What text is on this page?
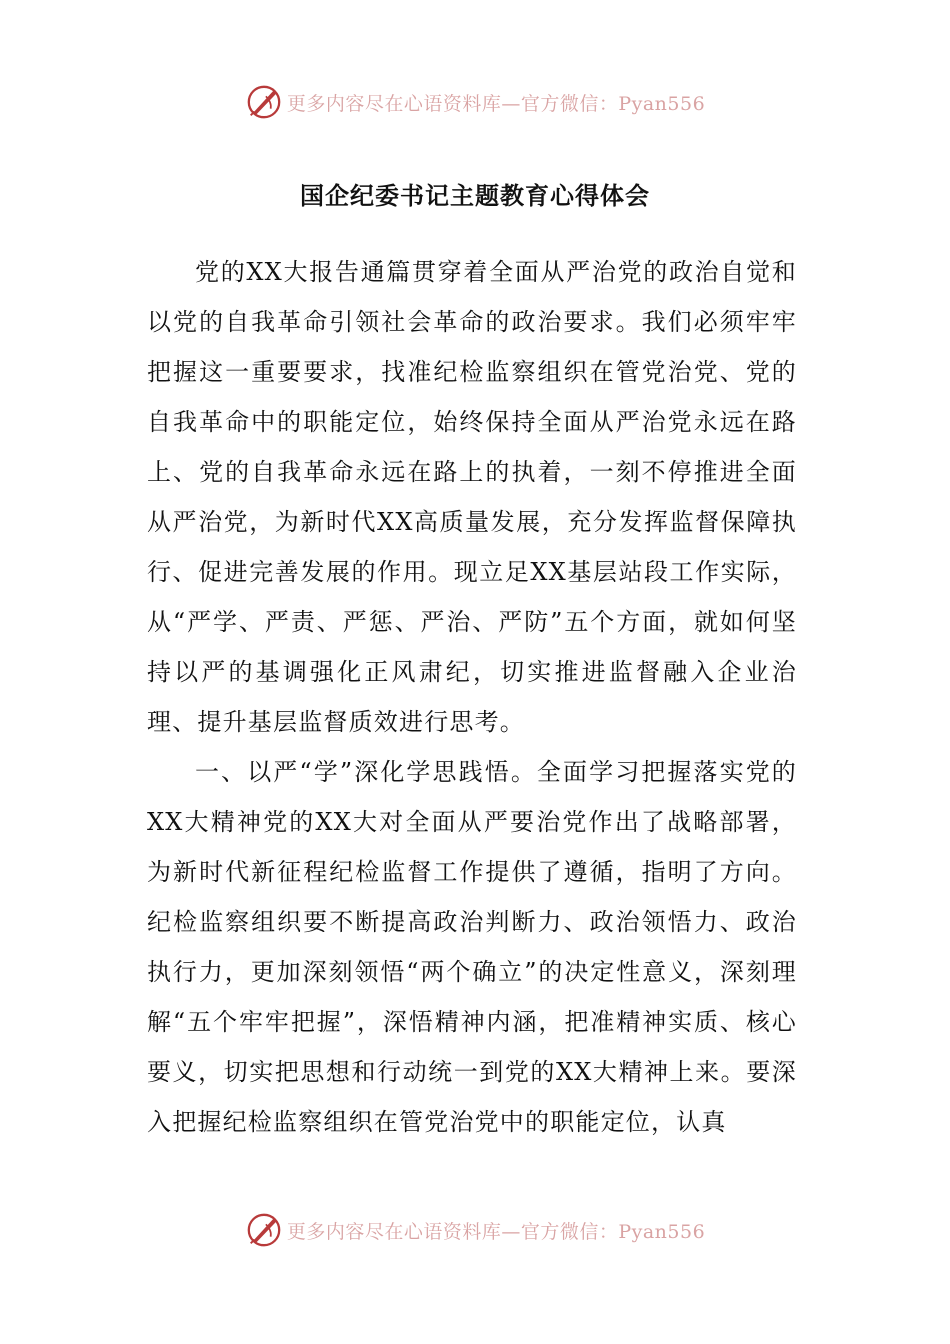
更多内容尽在心语资料库—官方微信：Pyan556
国企纪委书记主题教育心得体会

党的XX大报告通篇贯穿着全面从严治党的政治自觉和以党的自我革命引领社会革命的政治要求。我们必须牢牢把握这一重要要求，找准纪检监察组织在管党治党、党的自我革命中的职能定位，始终保持全面从严治党永远在路上、党的自我革命永远在路上的执着，一刻不停推进全面从严治党，为新时代XX高质量发展，充分发挥监督保障执行、促进完善发展的作用。现立足XX基层站段工作实际，从“严学、严责、严惩、严治、严防”五个方面，就如何坚持以严的基调强化正风肃纪，切实推进监督融入企业治理、提升基层监督质效进行思考。

一、以严“学”深化学思践悟。全面学习把握落实党的XX大精神党的XX大对全面从严要治党作出了战略部署，为新时代新征程纪检监督工作提供了遵循，指明了方向。纪检监察组织要不断提高政治判断力、政治领悟力、政治执行力，更加深刻领悟“两个确立”的决定性意义，深刻理解“五个牢牢把握”，深悟精神内涵，把准精神实质、核心要义，切实把思想和行动统一到党的XX大精神上来。要深入把握纪检监察组织在管党治党中的职能定位，认真

更多内容尽在心语资料库—官方微信：Pyan556
